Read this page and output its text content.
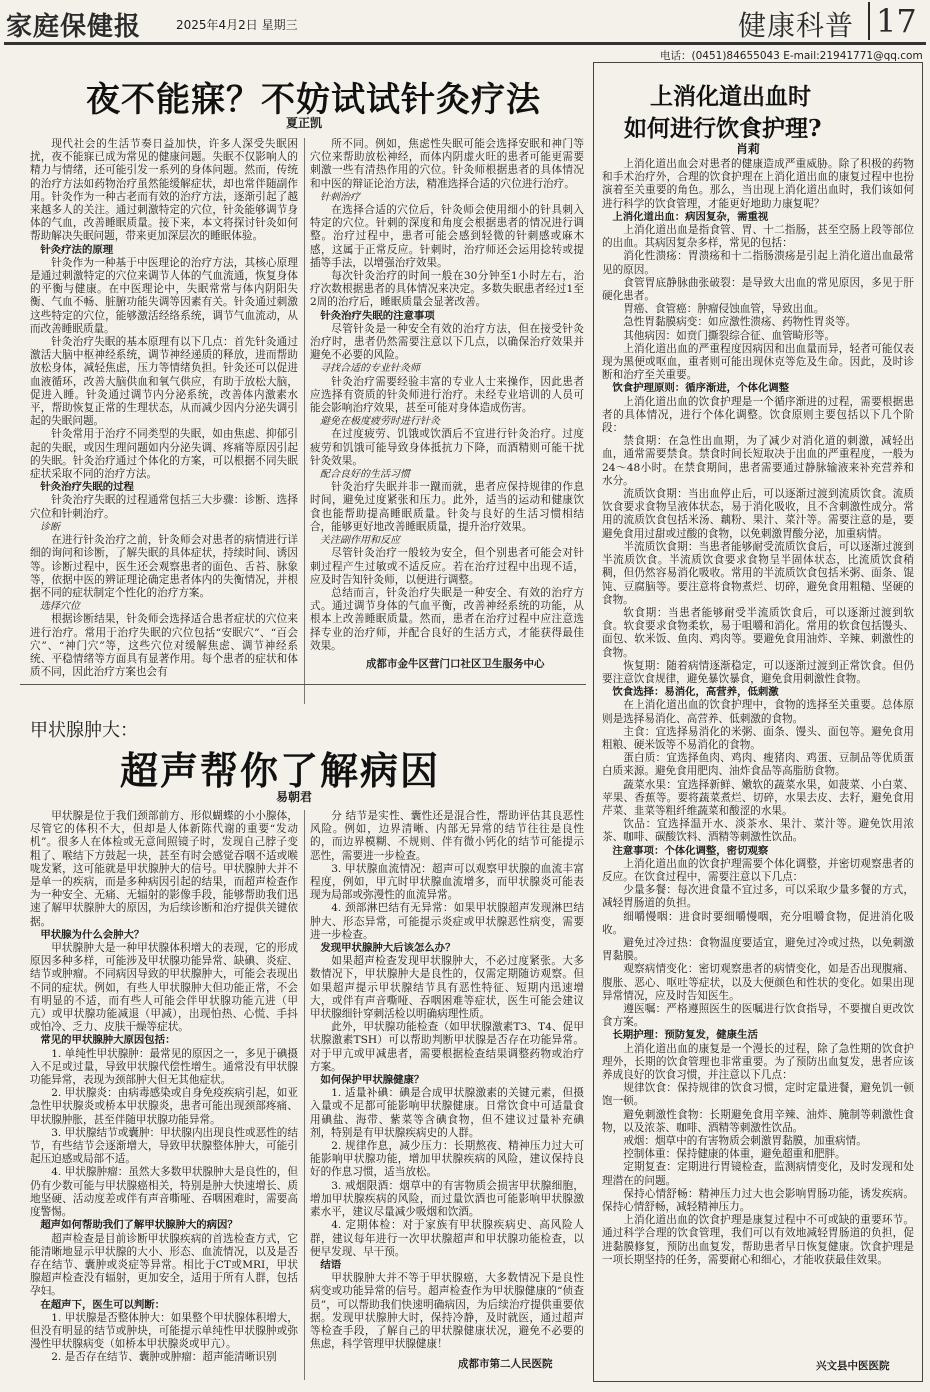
家庭保健报	2025年4月2日 星期三	健康科普 17
电话：(0451)84655043 E-mail:21941771@qq.com
夜不能寐？不妨试试针灸疗法
夏正凯

现代社会的生活节奏日益加快，许多人深受失眠困扰，夜不能寐已成为常见的健康问题。失眠不仅影响人的精力与情绪，还可能引发一系列的身体问题。然而，传统的治疗方法如药物治疗虽然能缓解症状，却也常伴随副作用。针灸作为一种古老而有效的治疗方法，逐渐引起了越来越多人的关注。通过刺激特定的穴位，针灸能够调节身体的气血，改善睡眠质量。接下来，本文将探讨针灸如何帮助解决失眠问题，带来更加深层次的睡眠体验。

针灸疗法的原理

针灸作为一种基于中医理论的治疗方法，其核心原理是通过刺激特定的穴位来调节人体的气血流通，恢复身体的平衡与健康。在中医理论中，失眠常常与体内阴阳失衡、气血不畅、脏腑功能失调等因素有关。针灸通过刺激这些特定的穴位，能够激活经络系统，调节气血流动，从而改善睡眠质量。

针灸治疗失眠的基本原理有以下几点：首先针灸通过激活大脑中枢神经系统，调节神经递质的释放，进而帮助放松身体，减轻焦虑，压力等情绪负担。针灸还可以促进血液循环，改善大脑供血和氧气供应，有助于放松大脑，促进入睡。针灸通过调节内分泌系统，改善体内激素水平，帮助恢复正常的生理状态，从而减少因内分泌失调引起的失眠问题。

针灸常用于治疗不同类型的失眠，如由焦虑、抑郁引起的失眠，或因生理问题如内分泌失调、疼痛等原因引起的失眠。针灸治疗通过个体化的方案，可以根据不同失眠症状采取不同的治疗方法。

针灸治疗失眠的过程

针灸治疗失眠的过程通常包括三大步骤：诊断、选择穴位和针刺治疗。

诊断

在进行针灸治疗之前，针灸师会对患者的病情进行详细的询问和诊断，了解失眠的具体症状，持续时间、诱因等。诊断过程中，医生还会观察患者的面色、舌苔、脉象等，依据中医的辨证理论确定患者体内的失衡情况，并根据不同的症状制定个性化的治疗方案。

选择穴位

根据诊断结果，针灸师会选择适合患者症状的穴位来进行治疗。常用于治疗失眠的穴位包括“安眠穴”、“百会穴”、“神门穴”等，这些穴位对缓解焦虑、调节神经系统、平稳情绪等方面具有显著作用。每个患者的症状和体质不同，因此治疗方案也会有

所不同。例如，焦虑性失眠可能会选择安眠和神门等穴位来帮助放松神经，而体内阴虚火旺的患者可能更需要刺激一些有清热作用的穴位。针灸师根据患者的具体情况和中医的辩证论治方法，精准选择合适的穴位进行治疗。

针刺治疗

在选择合适的穴位后，针灸师会使用细小的针具刺入特定的穴位。针刺的深度和角度会根据患者的情况进行调整。治疗过程中，患者可能会感到轻微的针刺感或麻木感，这属于正常反应。针刺时，治疗师还会运用捻转或提插等手法，以增强治疗效果。

每次针灸治疗的时间一般在30分钟至1小时左右，治疗次数根据患者的具体情况来决定。多数失眠患者经过1至2周的治疗后，睡眠质量会显著改善。

针灸治疗失眠的注意事项

尽管针灸是一种安全有效的治疗方法，但在接受针灸治疗时，患者仍然需要注意以下几点，以确保治疗效果并避免不必要的风险。

寻找合适的专业针灸师

针灸治疗需要经验丰富的专业人士来操作，因此患者应选择有资质的针灸师进行治疗。未经专业培训的人员可能会影响治疗效果，甚至可能对身体造成伤害。

避免在极度疲劳时进行针灸

在过度疲劳、饥饿或饮酒后不宜进行针灸治疗。过度疲劳和饥饿可能导致身体抵抗力下降，而酒精则可能干扰针灸效果。

配合良好的生活习惯

针灸治疗失眠并非一蹴而就，患者应保持规律的作息时间，避免过度紧张和压力。此外，适当的运动和健康饮食也能帮助提高睡眠质量。针灸与良好的生活习惯相结合，能够更好地改善睡眠质量，提升治疗效果。

关注副作用和反应

尽管针灸治疗一般较为安全，但个别患者可能会对针刺过程产生过敏或不适反应。若在治疗过程中出现不适，应及时告知针灸师，以便进行调整。

总结而言，针灸治疗失眠是一种安全、有效的治疗方式。通过调节身体的气血平衡，改善神经系统的功能，从根本上改善睡眠质量。然而，患者在治疗过程中应注意选择专业的治疗师，并配合良好的生活方式，才能获得最佳效果。

成都市金牛区营门口社区卫生服务中心
甲状腺肿大：
超声帮你了解病因
易朝君

甲状腺是位于我们颈部前方、形似蝴蝶的小小腺体，尽管它的体积不大，但却是人体新陈代谢的重要“发动机”。很多人在体检或无意间照镜子时，发现自己脖子变粗了、喉结下方鼓起一块，甚至有时会感觉吞咽不适或喉咙发紧，这可能就是甲状腺肿大的信号。甲状腺肿大并不是单一的疾病，而是多种病因引起的结果，而超声检查作为一种安全、无痛、无辐射的影像手段，能够帮助我们迅速了解甲状腺肿大的原因，为后续诊断和治疗提供关键依据。

甲状腺为什么会肿大？

甲状腺肿大是一种甲状腺体积增大的表现，它的形成原因多种多样，可能涉及甲状腺功能异常、缺碘、炎症、结节或肿瘤。不同病因导致的甲状腺肿大，可能会表现出不同的症状。例如，有些人甲状腺肿大但功能正常，不会有明显的不适，而有些人可能会伴甲状腺功能亢进（甲亢）或甲状腺功能减退（甲减），出现怕热、心慌、手抖或怕冷、乏力、皮肤干燥等症状。

常见的甲状腺肿大原因包括：

1. 单纯性甲状腺肿：最常见的原因之一，多见于碘摄入不足或过量，导致甲状腺代偿性增生。通常没有甲状腺功能异常，表现为颈部肿大但无其他症状。

2. 甲状腺炎：由病毒感染或自身免疫疾病引起，如亚急性甲状腺炎或桥本甲状腺炎，患者可能出现颈部疼痛、甲状腺肿胀，甚至伴随甲状腺功能异常。

3. 甲状腺结节或囊肿：甲状腺内出现良性或恶性的结节，有些结节会逐渐增大，导致甲状腺整体肿大，可能引起压迫感或局部不适。

4. 甲状腺肿瘤：虽然大多数甲状腺肿大是良性的，但仍有少数可能与甲状腺癌相关，特别是肿大快速增长、质地坚硬、活动度差或伴有声音嘶哑、吞咽困难时，需要高度警惕。

超声如何帮助我们了解甲状腺肿大的病因？

超声检查是目前诊断甲状腺疾病的首选检查方式，它能清晰地显示甲状腺的大小、形态、血流情况，以及是否存在结节、囊肿或炎症等异常。相比于CT或MRI，甲状腺超声检查没有辐射，更加安全，适用于所有人群，包括孕妇。

在超声下，医生可以判断：

1. 甲状腺是否整体肿大：如果整个甲状腺体积增大，但没有明显的结节或肿块，可能提示单纯性甲状腺肿或弥漫性甲状腺病变（如桥本甲状腺炎或甲亢）。

2. 是否存在结节、囊肿或肿瘤：超声能清晰识别

分 结节是实性、囊性还是混合性，帮助评估其良恶性风险。例如，边界清晰、内部无异常的结节往往是良性的，而边界模糊、不规则、伴有微小钙化的结节可能提示恶性，需要进一步检查。

3. 甲状腺血流情况：超声可以观察甲状腺的血流丰富程度，例如，甲亢时甲状腺血流增多，而甲状腺炎可能表现为局部或弥漫性的血流异常。

4. 颈部淋巴结有无异常：如果甲状腺超声发现淋巴结肿大、形态异常，可能提示炎症或甲状腺恶性病变，需要进一步检查。

发现甲状腺肿大后该怎么办？

如果超声检查发现甲状腺肿大，不必过度紧张。大多数情况下，甲状腺肿大是良性的，仅需定期随访观察。但如果超声提示甲状腺结节具有恶性特征、短期内迅速增大，或伴有声音嘶哑、吞咽困难等症状，医生可能会建议甲状腺细针穿刺活检以明确病理性质。

此外，甲状腺功能检查（如甲状腺激素T3、T4、促甲状腺激素TSH）可以帮助判断甲状腺是否存在功能异常。对于甲亢或甲减患者，需要根据检查结果调整药物或治疗方案。

如何保护甲状腺健康？

1. 适量补碘：碘是合成甲状腺激素的关键元素，但摄入量或不足都可能影响甲状腺健康。日常饮食中可适量食用碘盐、海带、紫菜等含碘食物，但不建议过量补充碘剂，特别是有甲状腺疾病史的人群。

2. 规律作息，减少压力：长期熬夜、精神压力过大可能影响甲状腺功能，增加甲状腺疾病的风险，建议保持良好的作息习惯，适当放松。

3. 戒烟限酒：烟草中的有害物质会损害甲状腺细胞，增加甲状腺疾病的风险，而过量饮酒也可能影响甲状腺激素水平，建议尽量减少吸烟和饮酒。

4. 定期体检：对于家族有甲状腺疾病史、高风险人群，建议每年进行一次甲状腺超声和甲状腺功能检查，以便早发现、早干预。

结语

甲状腺肿大并不等于甲状腺癌，大多数情况下是良性病变或功能异常的信号。超声检查作为甲状腺健康的“侦查员”，可以帮助我们快速明确病因，为后续治疗提供重要依据。发现甲状腺肿大时，保持冷静，及时就医，通过超声等检查手段，了解自己的甲状腺健康状况，避免不必要的焦虑，科学管理甲状腺健康！

成都市第二人民医院
上消化道出血时
如何进行饮食护理?
肖莉

上消化道出血会对患者的健康造成严重威胁。除了积极的药物和手术治疗外，合理的饮食护理在上消化道出血的康复过程中也扮演着至关重要的角色。那么，当出现上消化道出血时，我们该如何进行科学的饮食管理，才能更好地助力康复呢？

上消化道出血：病因复杂，需重视

上消化道出血是指食管、胃、十二指肠，甚至空肠上段等部位的出血。其病因复杂多样，常见的包括：

消化性溃疡：胃溃疡和十二指肠溃疡是引起上消化道出血最常见的原因。

食管胃底静脉曲张破裂：是导致大出血的常见原因，多见于肝硬化患者。

胃癌、食管癌：肿瘤侵蚀血管，导致出血。

急性胃黏膜病变：如应激性溃疡、药物性胃炎等。

其他病因：如贲门撕裂综合征、血管畸形等。

上消化道出血的严重程度因病因和出血量而异，轻者可能仅表现为黑便或呕血，重者则可能出现休克等危及生命。因此，及时诊断和治疗至关重要。

饮食护理原则：循序渐进，个体化调整

上消化道出血的饮食护理是一个循序渐进的过程，需要根据患者的具体情况，进行个体化调整。饮食原则主要包括以下几个阶段：

禁食期：在急性出血期，为了减少对消化道的刺激，减轻出血，通常需要禁食。禁食时间长短取决于出血的严重程度，一般为24～48小时。在禁食期间，患者需要通过静脉输液来补充营养和水分。

流质饮食期：当出血停止后，可以逐渐过渡到流质饮食。流质饮食要求食物呈液体状态，易于消化吸收，且不含刺激性成分。常用的流质饮食包括米汤、藕粉、果汁、菜汁等。需要注意的是，要避免食用过甜或过酸的食物，以免刺激胃酸分泌，加重病情。

半流质饮食期：当患者能够耐受流质饮食后，可以逐渐过渡到半流质饮食。半流质饮食要求食物呈半固体状态，比流质饮食稍稠，但仍然容易消化吸收。常用的半流质饮食包括米粥、面条、馄饨、豆腐脑等。要注意将食物煮烂、切碎，避免食用粗糙、坚硬的食物。

软食期：当患者能够耐受半流质饮食后，可以逐渐过渡到软食。软食要求食物柔软，易于咀嚼和消化。常用的软食包括馒头、面包、软米饭、鱼肉、鸡肉等。要避免食用油炸、辛辣、刺激性的食物。

恢复期：随着病情逐渐稳定，可以逐渐过渡到正常饮食。但仍要注意饮食规律，避免暴饮暴食，避免食用刺激性食物。

饮食选择：易消化，高营养，低刺激

在上消化道出血的饮食护理中，食物的选择至关重要。总体原则是选择易消化、高营养、低刺激的食物。

主食：宜选择易消化的米粥、面条、馒头、面包等。避免食用粗粮、硬米饭等不易消化的食物。

蛋白质：宜选择鱼肉、鸡肉、瘦猪肉、鸡蛋、豆制品等优质蛋白质来源。避免食用肥肉、油炸食品等高脂肪食物。

蔬菜水果：宜选择新鲜、嫩软的蔬菜水果，如菠菜、小白菜、苹果、香蕉等。要将蔬菜煮烂、切碎，水果去皮、去籽，避免食用芹菜、韭菜等粗纤维蔬菜和酸涩的水果。

饮品：宜选择温开水、淡茶水、果汁、菜汁等。避免饮用浓茶、咖啡、碳酸饮料、酒精等刺激性饮品。

注意事项：个体化调整，密切观察

上消化道出血的饮食护理需要个体化调整，并密切观察患者的反应。在饮食过程中，需要注意以下几点：

少量多餐：每次进食量不宜过多，可以采取少量多餐的方式，减轻胃肠道的负担。

细嚼慢咽：进食时要细嚼慢咽，充分咀嚼食物，促进消化吸收。

避免过冷过热：食物温度要适宜，避免过冷或过热，以免刺激胃黏膜。

观察病情变化：密切观察患者的病情变化，如是否出现腹痛、腹胀、恶心、呕吐等症状，以及大便颜色和性状的变化。如果出现异常情况，应及时告知医生。

遵医嘱：严格遵照医生的医嘱进行饮食指导，不要擅自更改饮食方案。

长期护理：预防复发，健康生活

上消化道出血的康复是一个漫长的过程，除了急性期的饮食护理外，长期的饮食管理也非常重要。为了预防出血复发，患者应该养成良好的饮食习惯，并注意以下几点：

规律饮食：保持规律的饮食习惯，定时定量进餐，避免饥一顿饱一顿。

避免刺激性食物：长期避免食用辛辣、油炸、腌制等刺激性食物，以及浓茶、咖啡、酒精等刺激性饮品。

戒烟：烟草中的有害物质会刺激胃黏膜，加重病情。

控制体重：保持健康的体重，避免超重和肥胖。

定期复查：定期进行胃镜检查，监测病情变化，及时发现和处理潜在的问题。

保持心情舒畅：精神压力过大也会影响胃肠功能，诱发疾病。保持心情舒畅，减轻精神压力。

上消化道出血的饮食护理是康复过程中不可或缺的重要环节。通过科学合理的饮食管理，我们可以有效地减轻胃肠道的负担，促进黏膜修复，预防出血复发，帮助患者早日恢复健康。饮食护理是一项长期坚持的任务，需要耐心和细心，才能收获最佳效果。

兴文县中医医院
